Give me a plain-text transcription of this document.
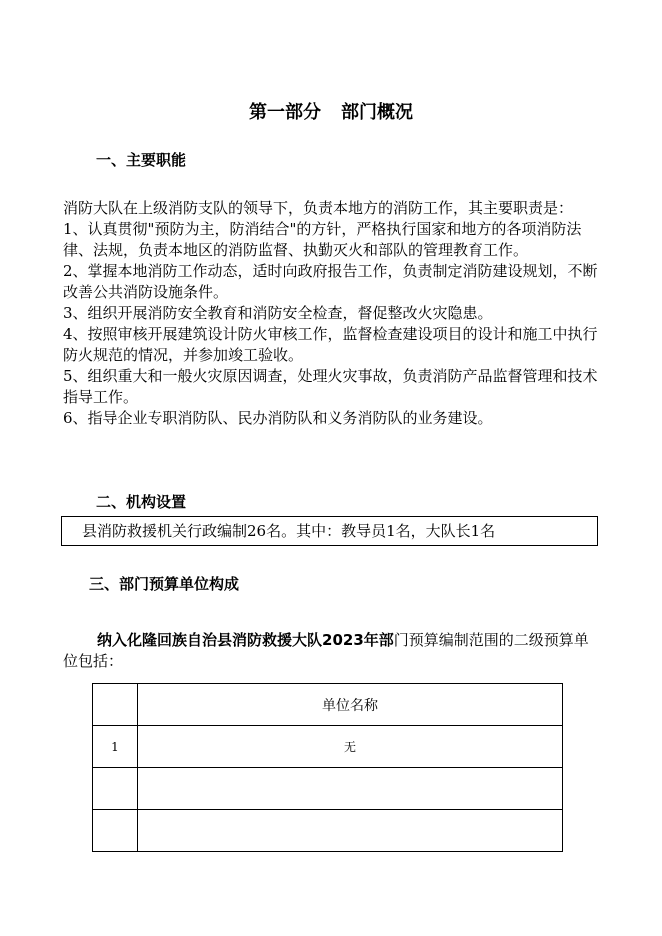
第一部分 部门概况
一、主要职能

消防大队在上级消防支队的领导下，负责本地方的消防工作，其主要职责是：

1、认真贯彻"预防为主，防消结合"的方针，严格执行国家和地方的各项消防法律、法规，负责本地区的消防监督、执勤灭火和部队的管理教育工作。

2、掌握本地消防工作动态，适时向政府报告工作，负责制定消防建设规划，不断改善公共消防设施条件。

3、组织开展消防安全教育和消防安全检查，督促整改火灾隐患。

4、按照审核开展建筑设计防火审核工作，监督检查建设项目的设计和施工中执行防火规范的情况，并参加竣工验收。

5、组织重大和一般火灾原因调查，处理火灾事故，负责消防产品监督管理和技术指导工作。

6、指导企业专职消防队、民办消防队和义务消防队的业务建设。

二、机构设置
县消防救援机关行政编制26名。其中：教导员1名，大队长1名
三、部门预算单位构成

纳入化隆回族自治县消防救援大队2023年部门预算编制范围的二级预算单位包括：

	单位名称
1	无
